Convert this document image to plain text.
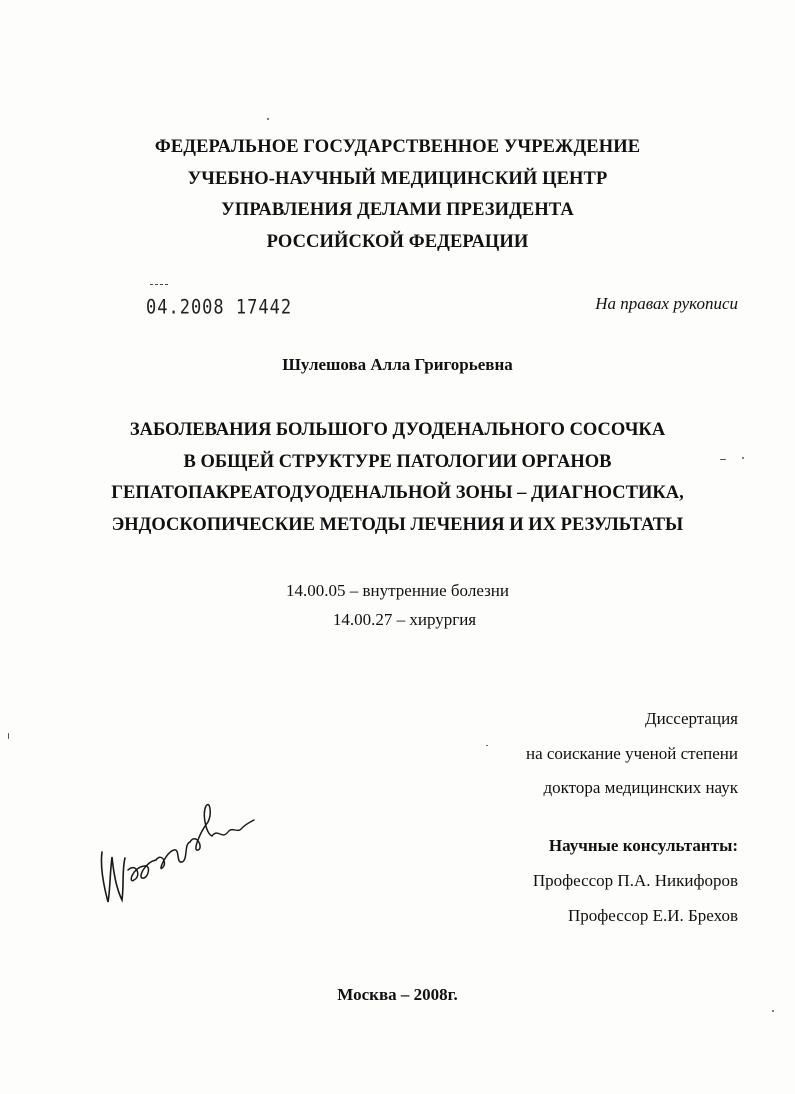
ФЕДЕРАЛЬНОЕ ГОСУДАРСТВЕННОЕ УЧРЕЖДЕНИЕ
УЧЕБНО-НАУЧНЫЙ МЕДИЦИНСКИЙ ЦЕНТР
УПРАВЛЕНИЯ ДЕЛАМИ ПРЕЗИДЕНТА
РОССИЙСКОЙ ФЕДЕРАЦИИ
04.2008 17442	На правах рукописи
Шулешова Алла Григорьевна
ЗАБОЛЕВАНИЯ БОЛЬШОГО ДУОДЕНАЛЬНОГО СОСОЧКА
В ОБЩЕЙ СТРУКТУРЕ ПАТОЛОГИИ ОРГАНОВ
ГЕПАТОПАКРЕАТОДУОДЕНАЛЬНОЙ ЗОНЫ – ДИАГНОСТИКА,
ЭНДОСКОПИЧЕСКИЕ МЕТОДЫ ЛЕЧЕНИЯ И ИХ РЕЗУЛЬТАТЫ
14.00.05 – внутренние болезни
14.00.27 – хирургия
Диссертация
на соискание ученой степени
доктора медицинских наук
Научные консультанты:
Профессор П.А. Никифоров
Профессор Е.И. Брехов
Москва – 2008г.
